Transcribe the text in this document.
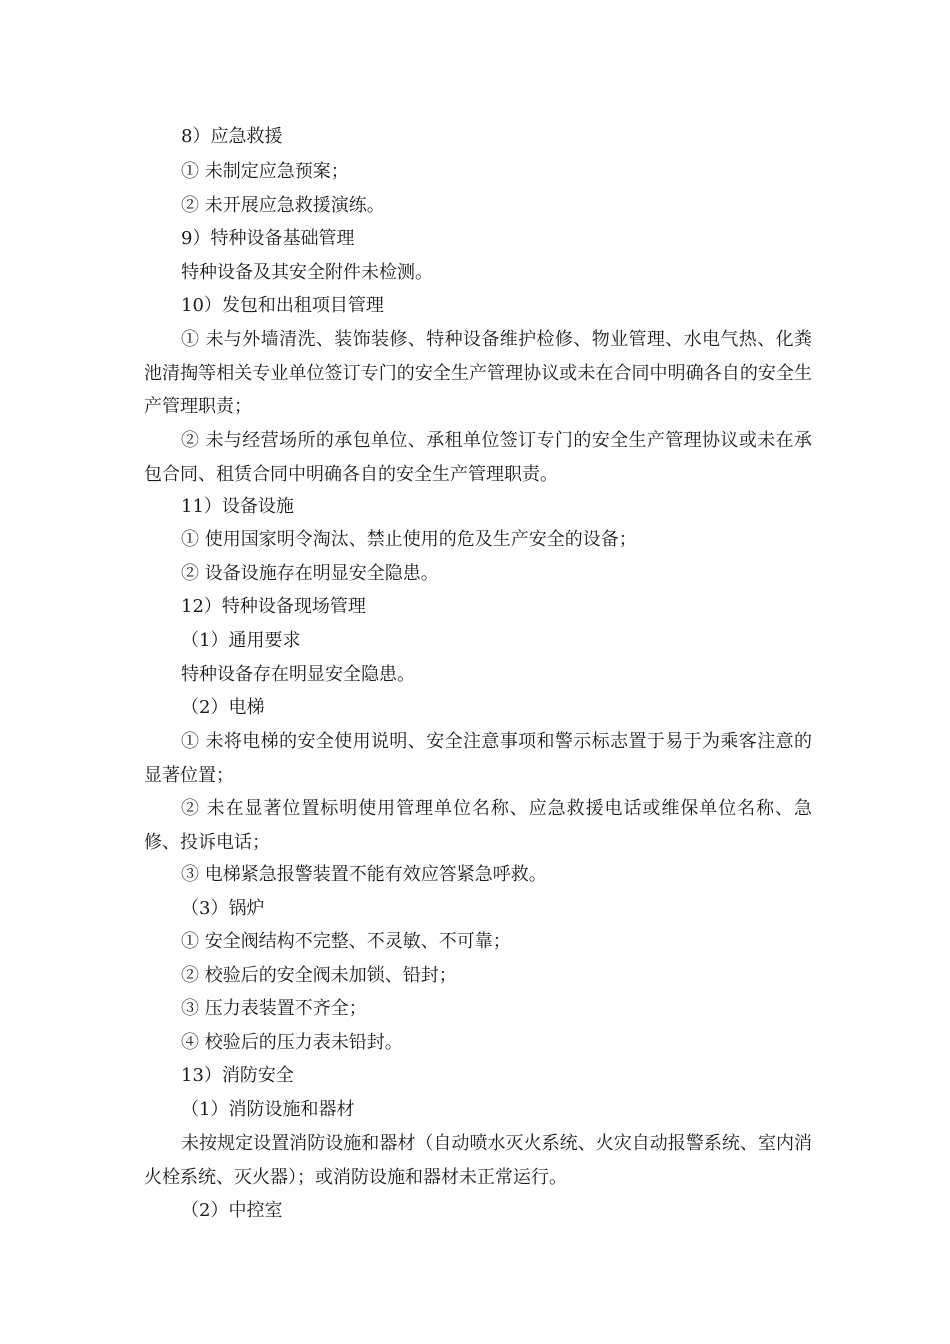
8）应急救援

① 未制定应急预案；

② 未开展应急救援演练。

9）特种设备基础管理

特种设备及其安全附件未检测。

10）发包和出租项目管理

① 未与外墙清洗、装饰装修、特种设备维护检修、物业管理、水电气热、化粪池清掏等相关专业单位签订专门的安全生产管理协议或未在合同中明确各自的安全生产管理职责；

② 未与经营场所的承包单位、承租单位签订专门的安全生产管理协议或未在承包合同、租赁合同中明确各自的安全生产管理职责。

11）设备设施

① 使用国家明令淘汰、禁止使用的危及生产安全的设备；

② 设备设施存在明显安全隐患。

12）特种设备现场管理

（1）通用要求

特种设备存在明显安全隐患。

（2）电梯

① 未将电梯的安全使用说明、安全注意事项和警示标志置于易于为乘客注意的显著位置；

② 未在显著位置标明使用管理单位名称、应急救援电话或维保单位名称、急修、投诉电话；

③ 电梯紧急报警装置不能有效应答紧急呼救。

（3）锅炉

① 安全阀结构不完整、不灵敏、不可靠；

② 校验后的安全阀未加锁、铅封；

③ 压力表装置不齐全；

④ 校验后的压力表未铅封。

13）消防安全

（1）消防设施和器材

未按规定设置消防设施和器材（自动喷水灭火系统、火灾自动报警系统、室内消火栓系统、灭火器）；或消防设施和器材未正常运行。

（2）中控室
